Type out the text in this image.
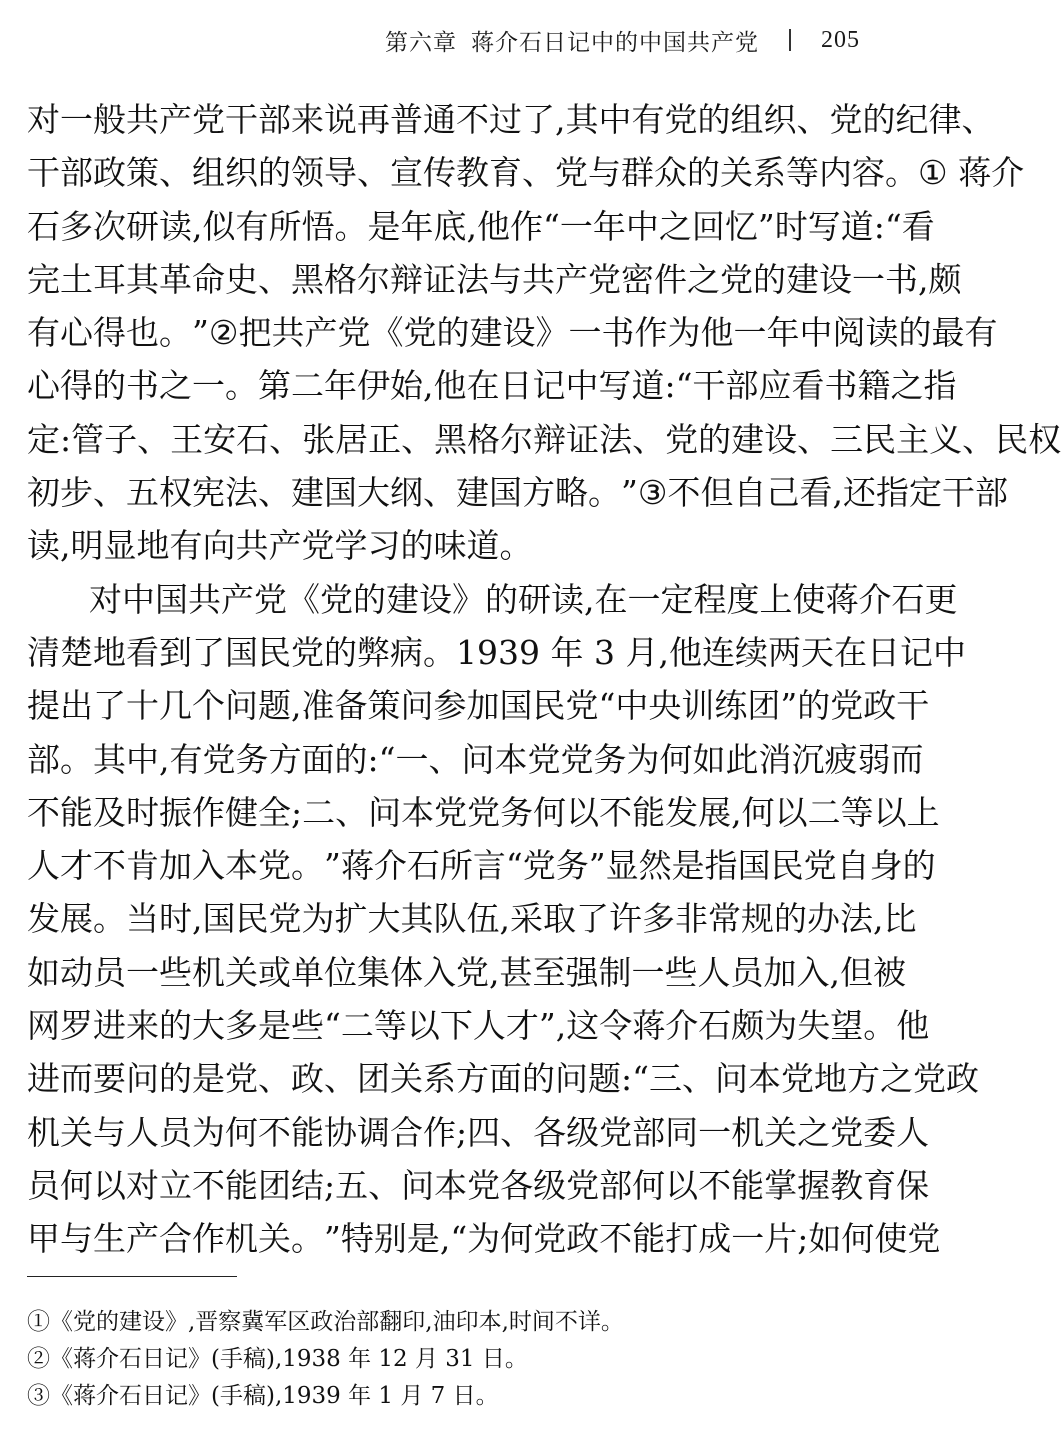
第六章 蒋介石日记中的中国共产党	205
对 一 般 共 产 党 干 部 来 说 再 普 通 不 过 了 , 其 中 有 党 的 组 织 、 党 的 纪 律 、
干 部 政 策 、 组 织 的 领 导 、 宣 传 教 育 、 党 与 群 众 的 关 系 等 内 容 。 ①
蒋 介
石 多 次 研 读 , 似 有 所 悟 。 是 年 底 , 他 作 “ 一 年 中 之 回 忆 ” 时 写 道 : “ 看
完 土 耳 其 革 命 史 、 黑 格 尔 辩 证 法 与 共 产 党 密 件 之 党 的 建 设 一 书 , 颇
有 心 得 也 。 ” ② 把 共 产 党 《 党 的 建 设 》 一 书 作 为 他 一 年 中 阅 读 的 最 有
心 得 的 书 之 一 。 第 二 年 伊 始 , 他 在 日 记 中 写 道 : “ 干 部 应 看 书 籍 之 指
定 : 管 子 、 王 安 石 、 张 居 正 、 黑 格 尔 辩 证 法 、 党 的 建 设 、 三 民 主 义 、 民 权
初 步 、 五 权 宪 法 、 建 国 大 纲 、 建 国 方 略 。 ” ③ 不 但 自 己 看 , 还 指 定 干 部
读 , 明 显 地 有 向 共 产 党 学 习 的 味 道 。
对 中 国 共 产 党 《 党 的 建 设 》 的 研 读 , 在 一 定 程 度 上 使 蒋 介 石 更
清 楚 地 看 到 了 国 民 党 的 弊 病 。 1 9 3 9
年
3
月 , 他 连 续 两 天 在 日 记 中
提 出 了 十 几 个 问 题 , 准 备 策 问 参 加 国 民 党 “ 中 央 训 练 团 ” 的 党 政 干
部 。 其 中 , 有 党 务 方 面 的 : “ 一 、 问 本 党 党 务 为 何 如 此 消 沉 疲 弱 而
不 能 及 时 振 作 健 全 ; 二 、 问 本 党 党 务 何 以 不 能 发 展 , 何 以 二 等 以 上
人 才 不 肯 加 入 本 党 。 ” 蒋 介 石 所 言 “ 党 务 ” 显 然 是 指 国 民 党 自 身 的
发 展 。 当 时 , 国 民 党 为 扩 大 其 队 伍 , 采 取 了 许 多 非 常 规 的 办 法 , 比
如 动 员 一 些 机 关 或 单 位 集 体 入 党 , 甚 至 强 制 一 些 人 员 加 入 , 但 被
网 罗 进 来 的 大 多 是 些 “ 二 等 以 下 人 才 ” , 这 令 蒋 介 石 颇 为 失 望 。 他
进 而 要 问 的 是 党 、 政 、 团 关 系 方 面 的 问 题 : “ 三 、 问 本 党 地 方 之 党 政
机 关 与 人 员 为 何 不 能 协 调 合 作 ; 四 、 各 级 党 部 同 一 机 关 之 党 委 人
员 何 以 对 立 不 能 团 结 ; 五 、 问 本 党 各 级 党 部 何 以 不 能 掌 握 教 育 保
甲 与 生 产 合 作 机 关 。 ” 特 别 是 , “ 为 何 党 政 不 能 打 成 一 片 ; 如 何 使 党
①《党的建设》,晋察冀军区政治部翻印,油印本,时间不详。
②《蒋介石日记》(手稿),1938 年 12 月 31 日。
③《蒋介石日记》(手稿),1939 年 1 月 7 日。
